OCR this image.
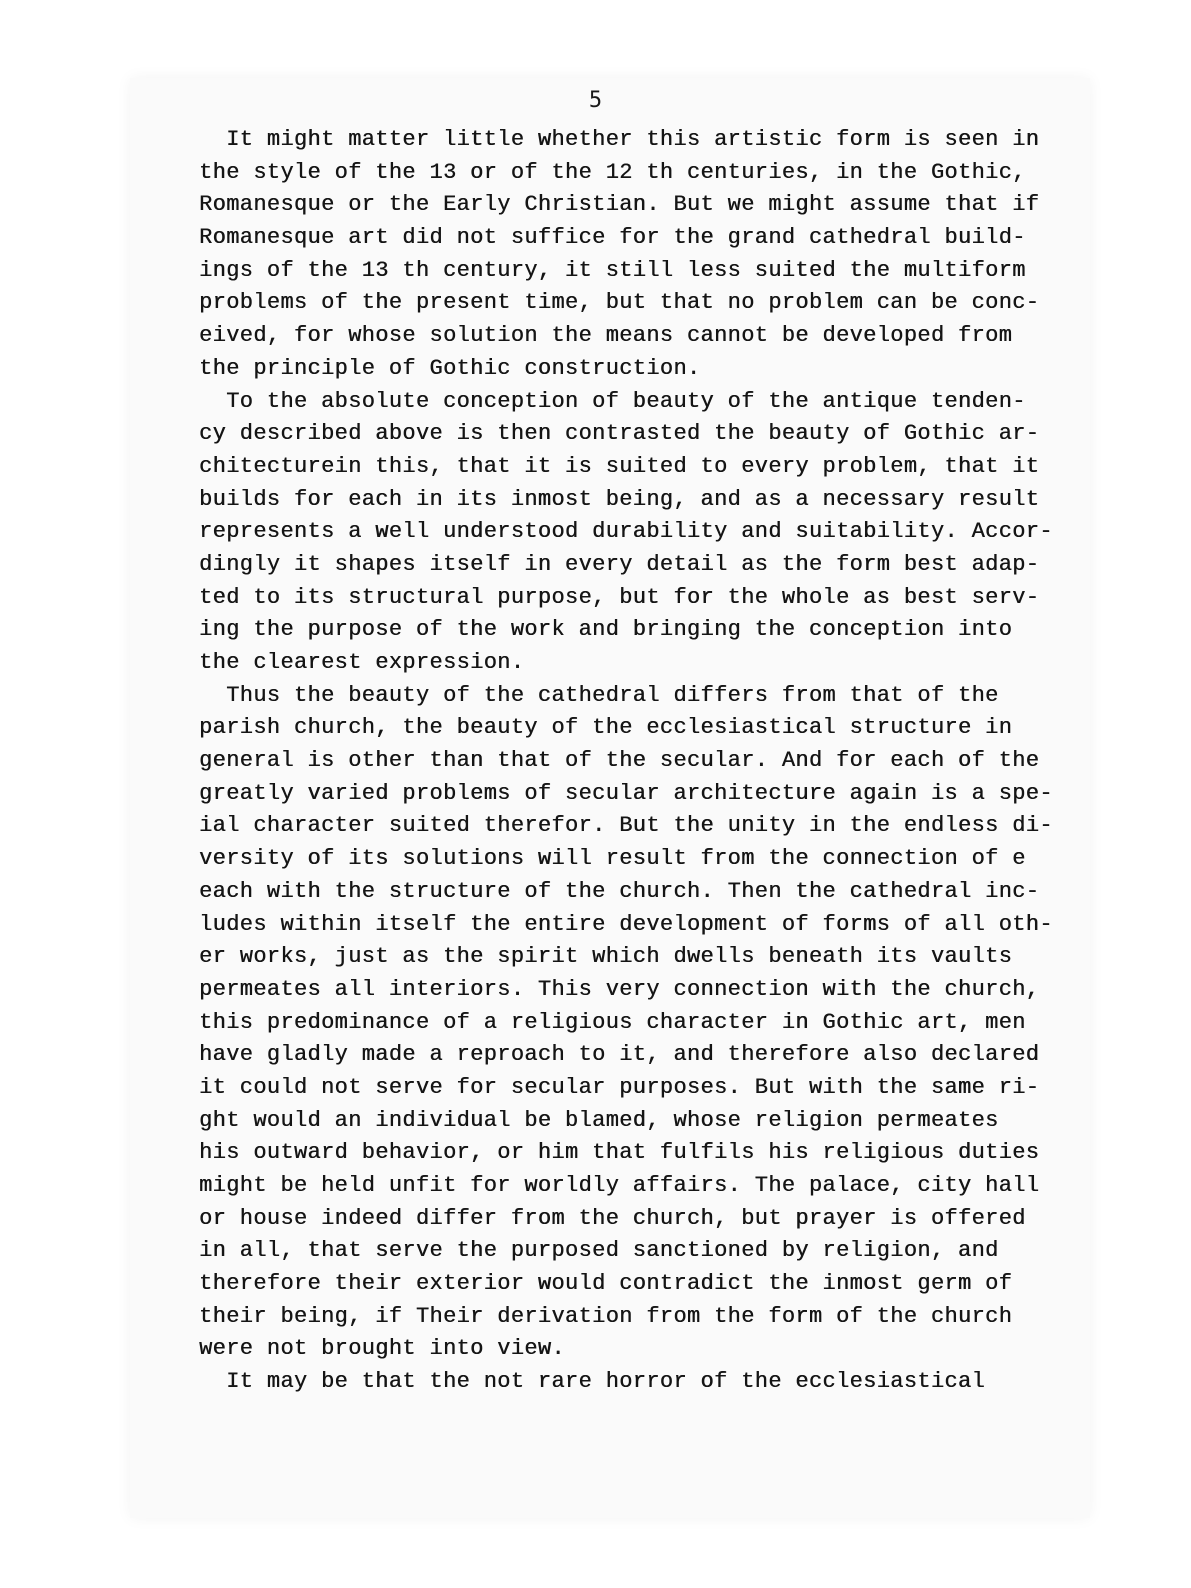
5
It might matter little whether this artistic form is seen in
the style of the 13 or of the 12 th centuries, in the Gothic,
Romanesque or the Early Christian. But we might assume that if
Romanesque art did not suffice for the grand cathedral build-
ings of the 13 th century, it still less suited the multiform
problems of the present time, but that no problem can be conc-
eived, for whose solution the means cannot be developed from
the principle of Gothic construction.
To the absolute conception of beauty of the antique tenden-
cy described above is then contrasted the beauty of Gothic ar-
chitecturein this, that it is suited to every problem, that it
builds for each in its inmost being, and as a necessary result
represents a well understood durability and suitability. Accor-
dingly it shapes itself in every detail as the form best adap-
ted to its structural purpose, but for the whole as best serv-
ing the purpose of the work and bringing the conception into
the clearest expression.
Thus the beauty of the cathedral differs from that of the
parish church, the beauty of the ecclesiastical structure in
general is other than that of the secular. And for each of the
greatly varied problems of secular architecture again is a spe-
ial character suited therefor. But the unity in the endless di-
versity of its solutions will result from the connection of e
each with the structure of the church. Then the cathedral inc-
ludes within itself the entire development of forms of all oth-
er works, just as the spirit which dwells beneath its vaults
permeates all interiors. This very connection with the church,
this predominance of a religious character in Gothic art, men
have gladly made a reproach to it, and therefore also declared
it could not serve for secular purposes. But with the same ri-
ght would an individual be blamed, whose religion permeates
his outward behavior, or him that fulfils his religious duties
might be held unfit for worldly affairs. The palace, city hall
or house indeed differ from the church, but prayer is offered
in all, that serve the purposed sanctioned by religion, and
therefore their exterior would contradict the inmost germ of
their being, if Their derivation from the form of the church
were not brought into view.
It may be that the not rare horror of the ecclesiastical
